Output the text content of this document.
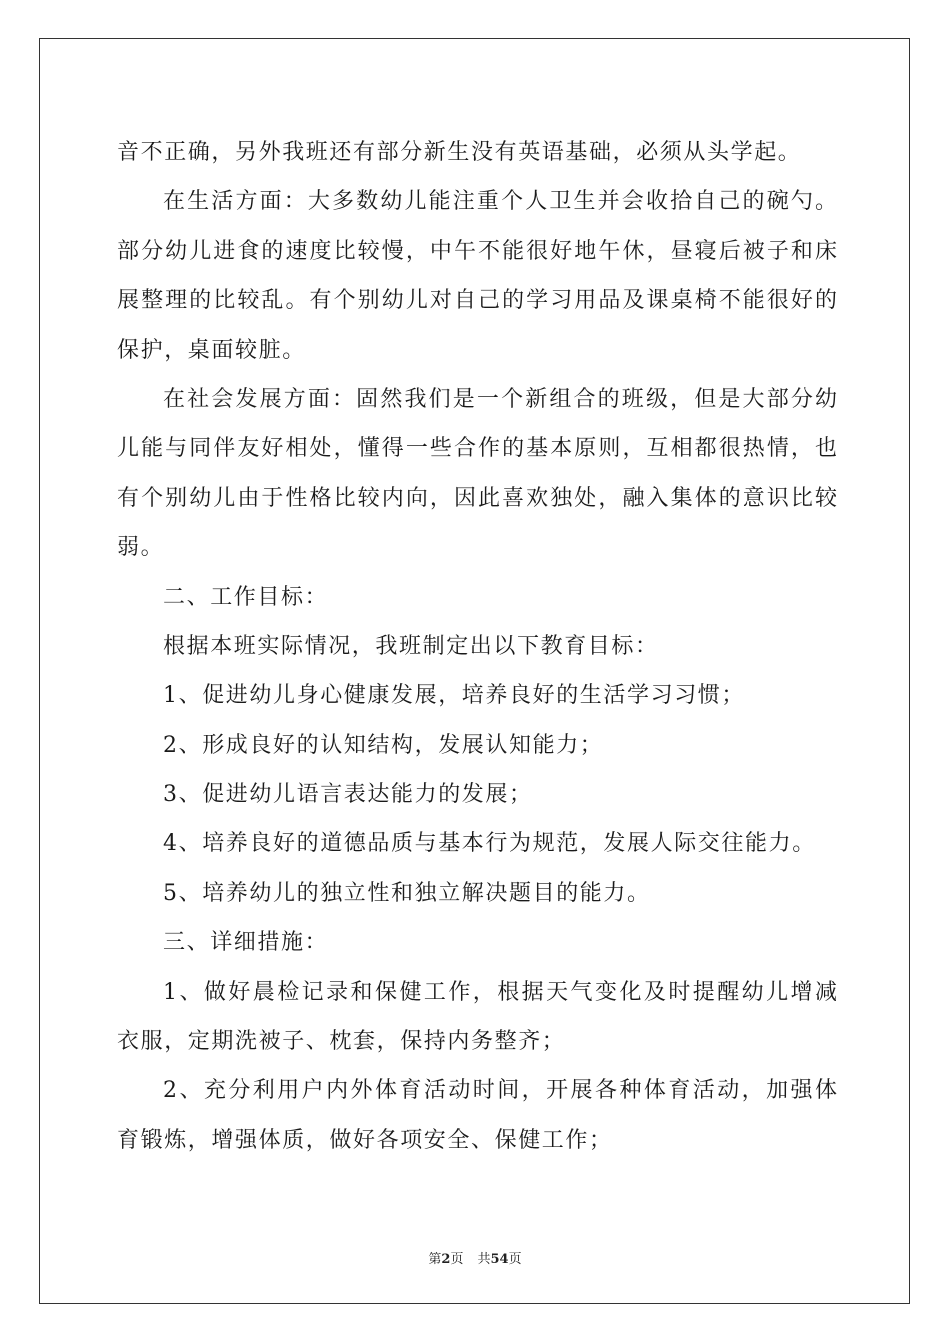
音不正确，另外我班还有部分新生没有英语基础，必须从头学起。
在生活方面：大多数幼儿能注重个人卫生并会收拾自己的碗勺。
部分幼儿进食的速度比较慢，中午不能很好地午休，昼寝后被子和床
展整理的比较乱。有个别幼儿对自己的学习用品及课桌椅不能很好的
保护，桌面较脏。
在社会发展方面：固然我们是一个新组合的班级，但是大部分幼
儿能与同伴友好相处，懂得一些合作的基本原则，互相都很热情，也
有个别幼儿由于性格比较内向，因此喜欢独处，融入集体的意识比较
弱。
二、工作目标：
根据本班实际情况，我班制定出以下教育目标：
1、促进幼儿身心健康发展，培养良好的生活学习习惯；
2、形成良好的认知结构，发展认知能力；
3、促进幼儿语言表达能力的发展；
4、培养良好的道德品质与基本行为规范，发展人际交往能力。
5、培养幼儿的独立性和独立解决题目的能力。
三、详细措施：
1、做好晨检记录和保健工作，根据天气变化及时提醒幼儿增减
衣服，定期洗被子、枕套，保持内务整齐；
2、充分利用户内外体育活动时间，开展各种体育活动，加强体
育锻炼，增强体质，做好各项安全、保健工作；
第2页 共54页
